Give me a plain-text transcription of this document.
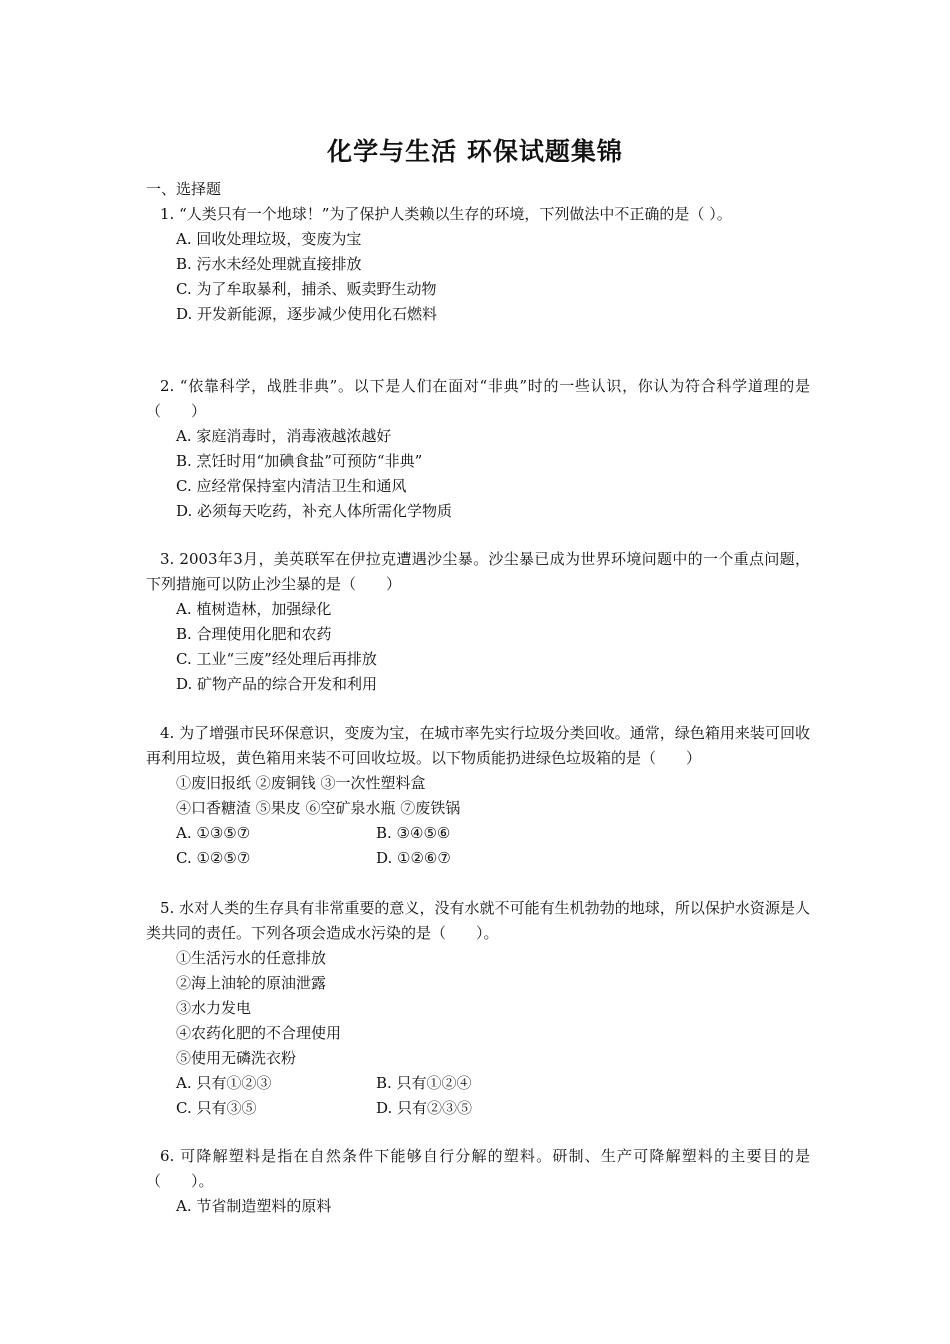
化学与生活 环保试题集锦
一、选择题
1. “人类只有一个地球！”为了保护人类赖以生存的环境，下列做法中不正确的是（ ）。
A. 回收处理垃圾，变废为宝
B. 污水未经处理就直接排放
C. 为了牟取暴利，捕杀、贩卖野生动物
D. 开发新能源，逐步减少使用化石燃料
2. “依靠科学，战胜非典”。以下是人们在面对“非典”时的一些认识，你认为符合科学道理的是（　　）
A. 家庭消毒时，消毒液越浓越好
B. 烹饪时用“加碘食盐”可预防“非典”
C. 应经常保持室内清洁卫生和通风
D. 必须每天吃药，补充人体所需化学物质
3. 2003年3月，美英联军在伊拉克遭遇沙尘暴。沙尘暴已成为世界环境问题中的一个重点问题，下列措施可以防止沙尘暴的是（　　）
A. 植树造林，加强绿化
B. 合理使用化肥和农药
C. 工业“三废”经处理后再排放
D. 矿物产品的综合开发和利用
4. 为了增强市民环保意识，变废为宝，在城市率先实行垃圾分类回收。通常，绿色箱用来装可回收再利用垃圾，黄色箱用来装不可回收垃圾。以下物质能扔进绿色垃圾箱的是（　　）
①废旧报纸 ②废铜钱 ③一次性塑料盒
④口香糖渣 ⑤果皮 ⑥空矿泉水瓶 ⑦废铁锅
A. ①③⑤⑦	B. ③④⑤⑥
C. ①②⑤⑦	D. ①②⑥⑦
5. 水对人类的生存具有非常重要的意义，没有水就不可能有生机勃勃的地球，所以保护水资源是人类共同的责任。下列各项会造成水污染的是（　　）。
①生活污水的任意排放
②海上油轮的原油泄露
③水力发电
④农药化肥的不合理使用
⑤使用无磷洗衣粉
A. 只有①②③	B. 只有①②④
C. 只有③⑤	D. 只有②③⑤
6. 可降解塑料是指在自然条件下能够自行分解的塑料。研制、生产可降解塑料的主要目的是（　　）。
A. 节省制造塑料的原料
